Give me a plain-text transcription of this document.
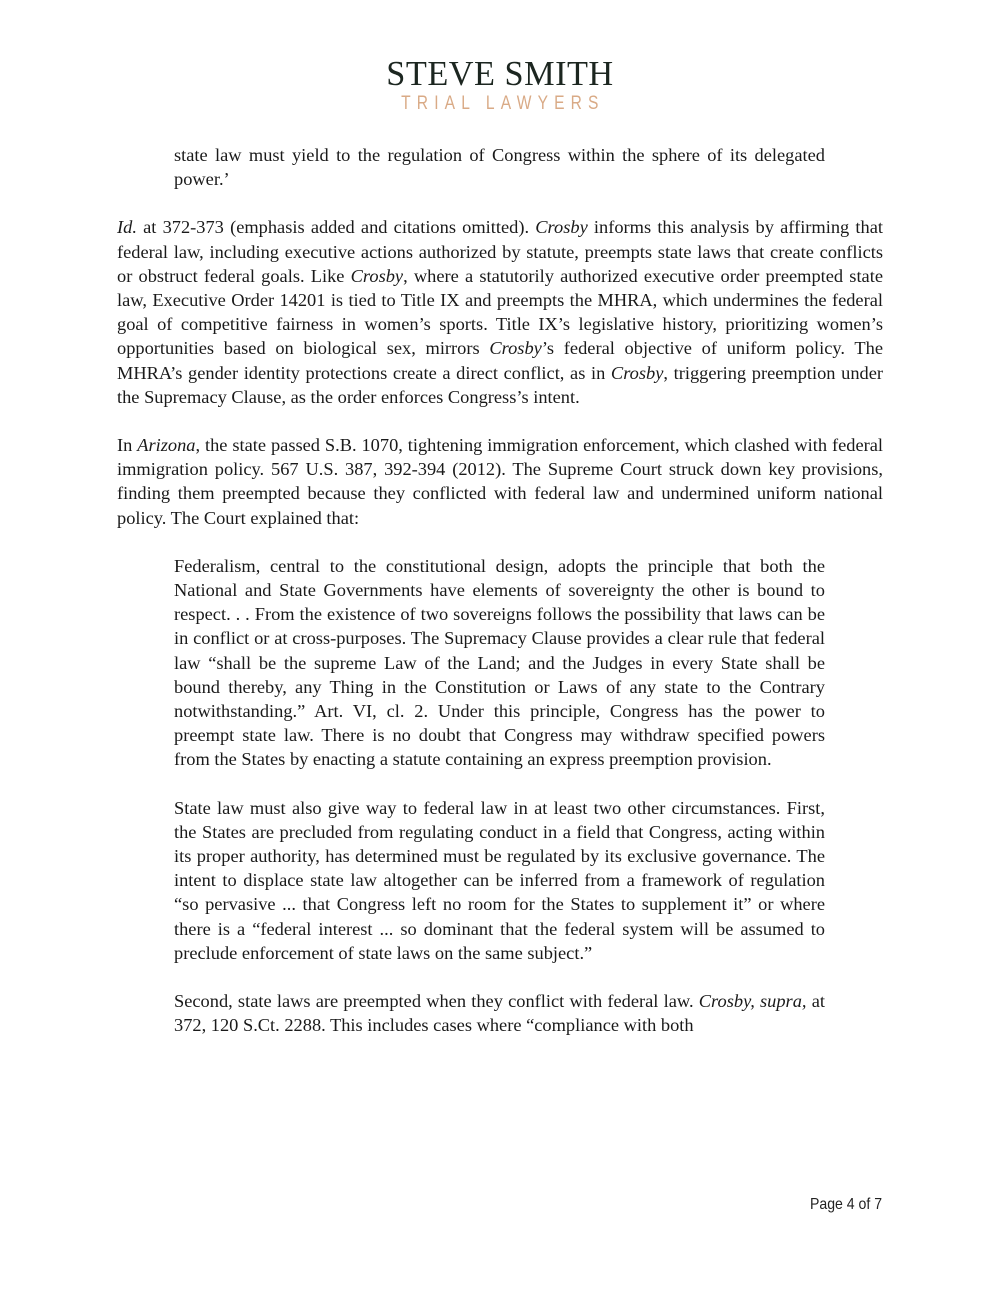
STEVE SMITH
TRIAL LAWYERS

state law must yield to the regulation of Congress within the sphere of its delegated power.’

Id. at 372-373 (emphasis added and citations omitted). Crosby informs this analysis by affirming that federal law, including executive actions authorized by statute, preempts state laws that create conflicts or obstruct federal goals. Like Crosby, where a statutorily authorized executive order preempted state law, Executive Order 14201 is tied to Title IX and preempts the MHRA, which undermines the federal goal of competitive fairness in women’s sports. Title IX’s legislative history, prioritizing women’s opportunities based on biological sex, mirrors Crosby’s federal objective of uniform policy. The MHRA’s gender identity protections create a direct conflict, as in Crosby, triggering preemption under the Supremacy Clause, as the order enforces Congress’s intent.

In Arizona, the state passed S.B. 1070, tightening immigration enforcement, which clashed with federal immigration policy. 567 U.S. 387, 392-394 (2012). The Supreme Court struck down key provisions, finding them preempted because they conflicted with federal law and undermined uniform national policy. The Court explained that:

Federalism, central to the constitutional design, adopts the principle that both the National and State Governments have elements of sovereignty the other is bound to respect. . . From the existence of two sovereigns follows the possibility that laws can be in conflict or at cross-purposes. The Supremacy Clause provides a clear rule that federal law “shall be the supreme Law of the Land; and the Judges in every State shall be bound thereby, any Thing in the Constitution or Laws of any state to the Contrary notwithstanding.” Art. VI, cl. 2. Under this principle, Congress has the power to preempt state law. There is no doubt that Congress may withdraw specified powers from the States by enacting a statute containing an express preemption provision.

State law must also give way to federal law in at least two other circumstances. First, the States are precluded from regulating conduct in a field that Congress, acting within its proper authority, has determined must be regulated by its exclusive governance. The intent to displace state law altogether can be inferred from a framework of regulation “so pervasive ... that Congress left no room for the States to supplement it” or where there is a “federal interest ... so dominant that the federal system will be assumed to preclude enforcement of state laws on the same subject.”

Second, state laws are preempted when they conflict with federal law. Crosby, supra, at 372, 120 S.Ct. 2288. This includes cases where “compliance with both

Page 4 of 7
